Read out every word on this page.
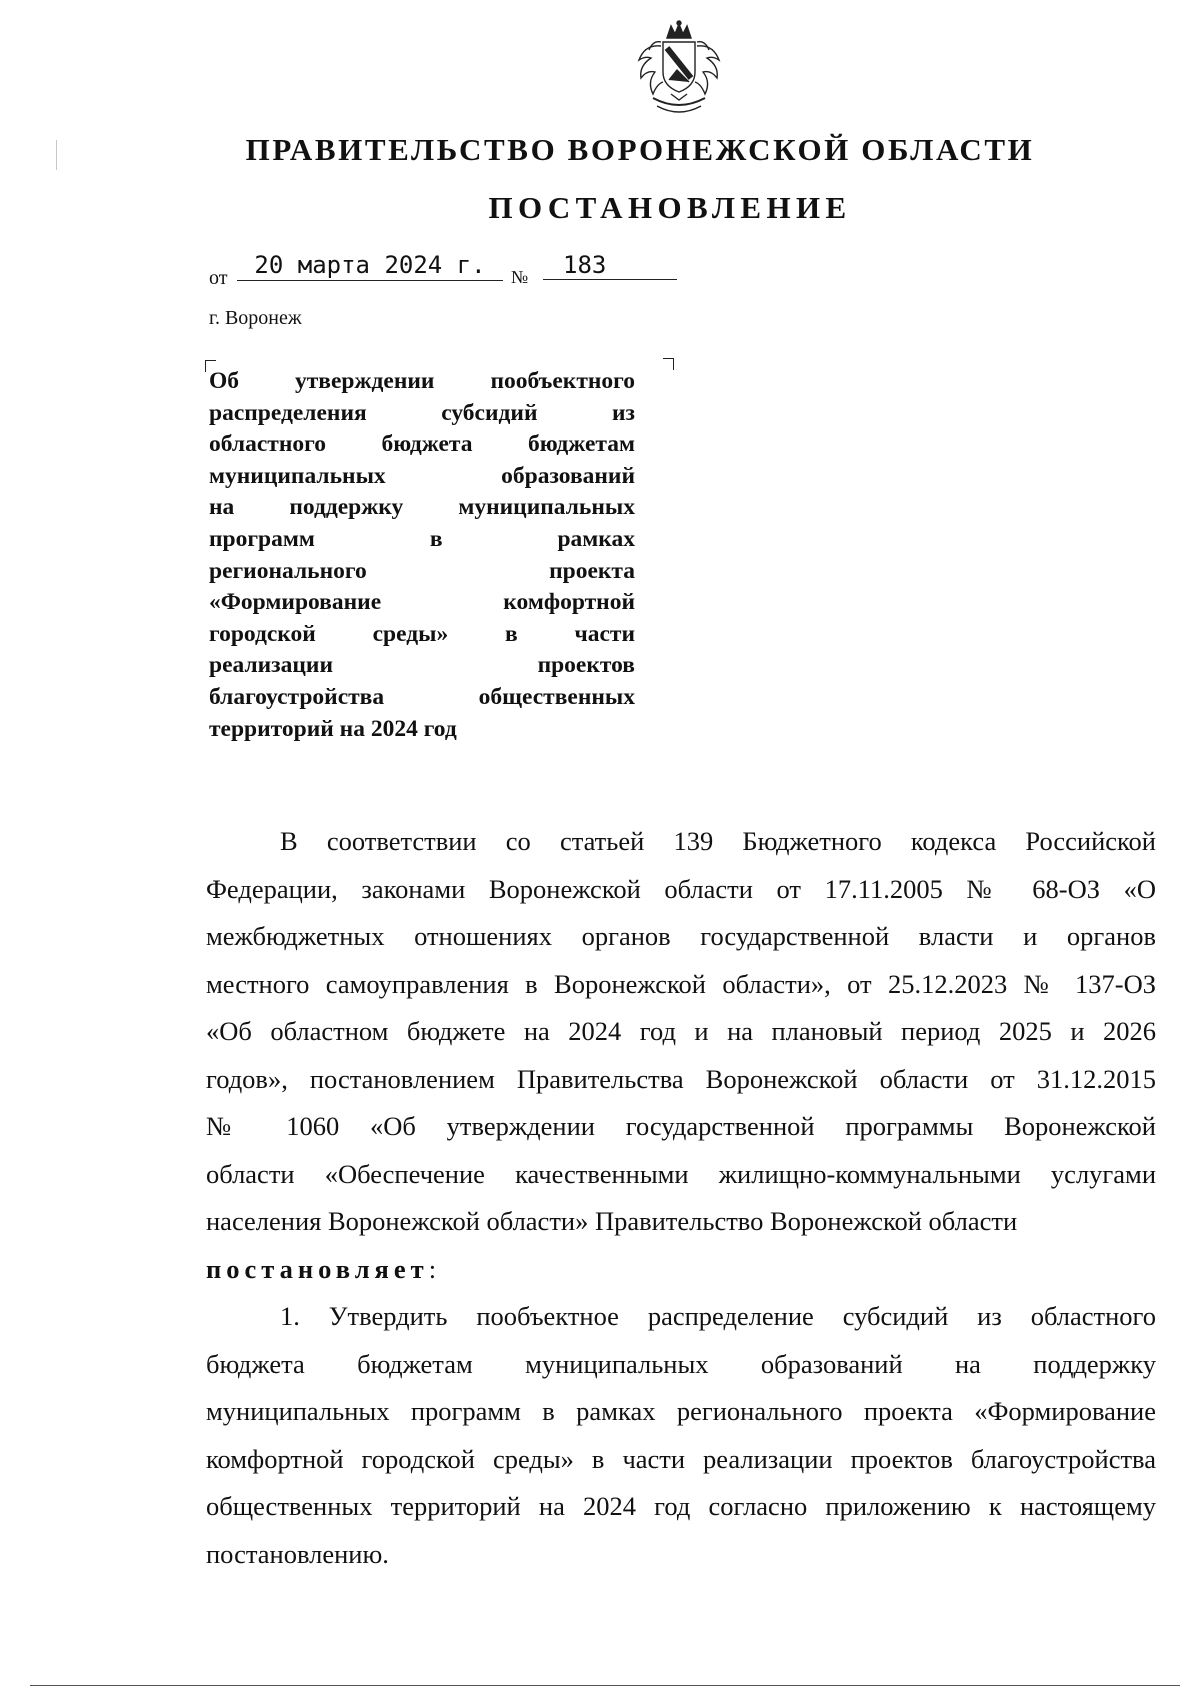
ПРАВИТЕЛЬСТВО ВОРОНЕЖСКОЙ ОБЛАСТИ
ПОСТАНОВЛЕНИЕ
от	20 марта 2024 г.	№	183
г. Воронеж
Об утверждении пообъектного
распределения субсидий из
областного бюджета бюджетам
муниципальных образований
на поддержку муниципальных
программ в рамках
регионального проекта
«Формирование комфортной
городской среды» в части
реализации проектов
благоустройства общественных
территорий на 2024 год
В соответствии со статьей 139 Бюджетного кодекса Российской
Федерации, законами Воронежской области от 17.11.2005 № 68-ОЗ «О
межбюджетных отношениях органов государственной власти и органов
местного самоуправления в Воронежской области», от 25.12.2023 № 137-ОЗ
«Об областном бюджете на 2024 год и на плановый период 2025 и 2026
годов», постановлением Правительства Воронежской области от 31.12.2015
№ 1060 «Об утверждении государственной программы Воронежской
области «Обеспечение качественными жилищно-коммунальными услугами
населения Воронежской области» Правительство Воронежской области
постановляет:
1. Утвердить пообъектное распределение субсидий из областного
бюджета бюджетам муниципальных образований на поддержку
муниципальных программ в рамках регионального проекта «Формирование
комфортной городской среды» в части реализации проектов благоустройства
общественных территорий на 2024 год согласно приложению к настоящему
постановлению.
